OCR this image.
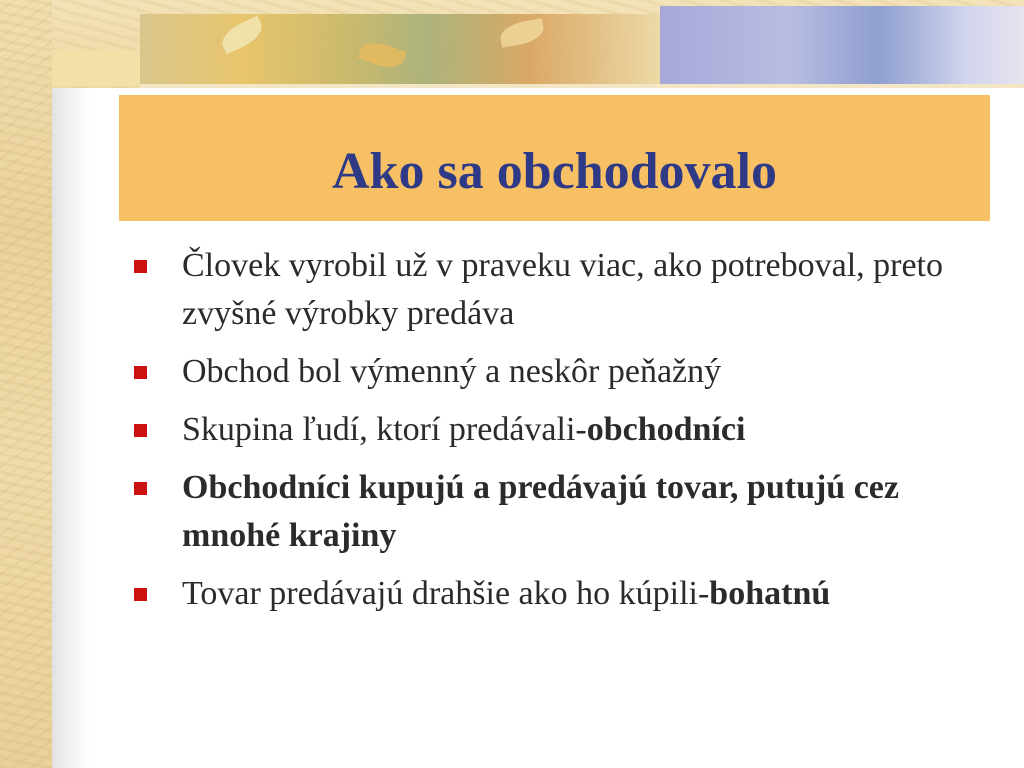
Ako sa obchodovalo
Človek vyrobil už v praveku viac, ako potreboval, preto zvyšné výrobky predáva
Obchod bol výmenný a neskôr peňažný
Skupina ľudí, ktorí predávali-obchodníci
Obchodníci kupujú a predávajú tovar, putujú cez mnohé krajiny
Tovar predávajú drahšie ako ho kúpili-bohatnú
